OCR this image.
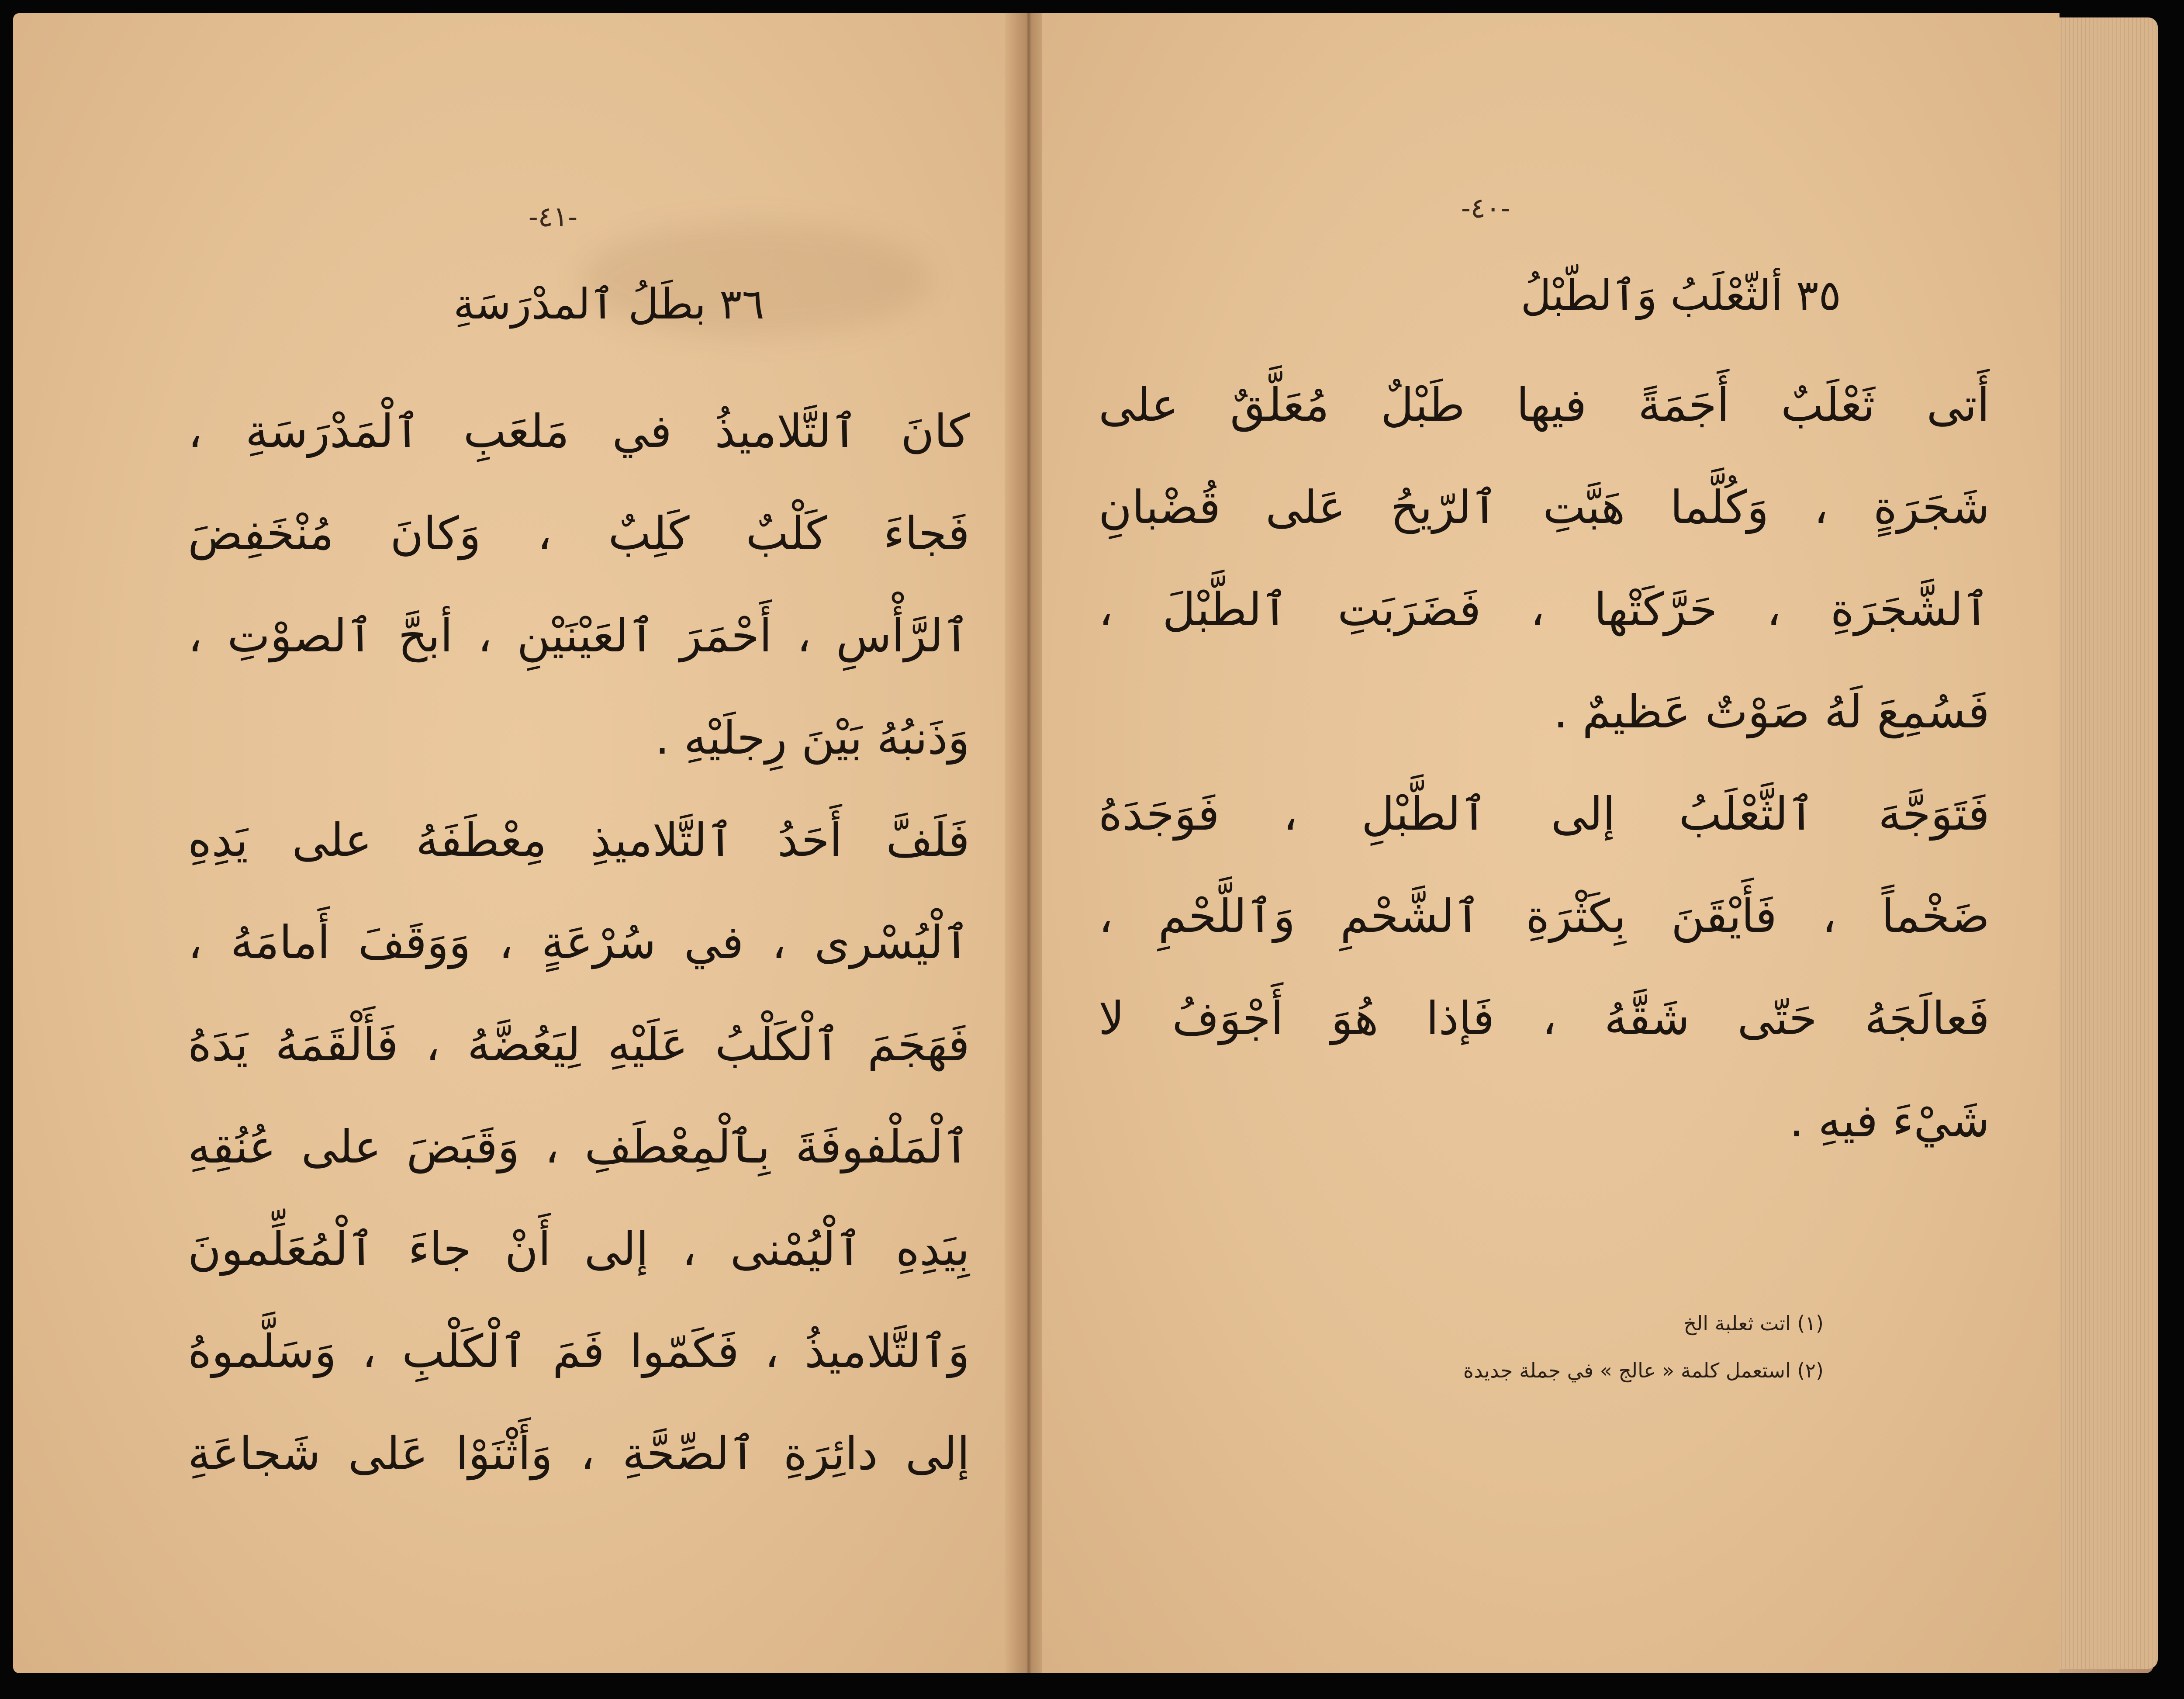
-٤١-
٣٦ بطَلُ ٱلمدْرَسَةِ
كانَ ٱلتَّلاميذُ في مَلعَبِ ٱلْمَدْرَسَةِ ،
فَجاءَ كَلْبٌ كَلِبٌ ، وَكانَ مُنْخَفِضَ
ٱلرَّأْسِ ، أَحْمَرَ ٱلعَيْنَيْنِ ، أبحَّ ٱلصوْتِ ،
وَذَنبُهُ بَيْنَ رِجلَيْهِ .
فَلَفَّ أَحَدُ ٱلتَّلاميذِ مِعْطَفَهُ على يَدِهِ
ٱلْيُسْرى ، في سُرْعَةٍ ، وَوَقَفَ أَمامَهُ ،
فَهَجَمَ ٱلْكَلْبُ عَلَيْهِ لِيَعُضَّهُ ، فَأَلْقَمَهُ يَدَهُ
ٱلْمَلْفوفَةَ بِٱلْمِعْطَفِ ، وَقَبَضَ على عُنُقِهِ
بِيَدِهِ ٱلْيُمْنى ، إلى أَنْ جاءَ ٱلْمُعَلِّمونَ
وَٱلتَّلاميذُ ، فَكَمّوا فَمَ ٱلْكَلْبِ ، وَسَلَّموهُ
إلى دائِرَةِ ٱلصِّحَّةِ ، وَأَثْنَوْا عَلى شَجاعَةِ
-٤٠-
٣٥ ألثّعْلَبُ وَٱلطّبْلُ
أَتى ثَعْلَبٌ أَجَمَةً فيها طَبْلٌ مُعَلَّقٌ على
شَجَرَةٍ ، وَكُلَّما هَبَّتِ ٱلرّيحُ عَلى قُضْبانِ
ٱلشَّجَرَةِ ، حَرَّكَتْها ، فَضَرَبَتِ ٱلطَّبْلَ ،
فَسُمِعَ لَهُ صَوْتٌ عَظيمٌ .
فَتَوَجَّهَ ٱلثَّعْلَبُ إلى ٱلطَّبْلِ ، فَوَجَدَهُ
ضَخْماً ، فَأَيْقَنَ بِكَثْرَةِ ٱلشَّحْمِ وَٱللَّحْمِ ،
فَعالَجَهُ حَتّى شَقَّهُ ، فَإذا هُوَ أَجْوَفُ لا
شَيْءَ فيهِ .
(١) اتت ثعلبة الخ
(٢) استعمل كلمة « عالج » في جملة جديدة
